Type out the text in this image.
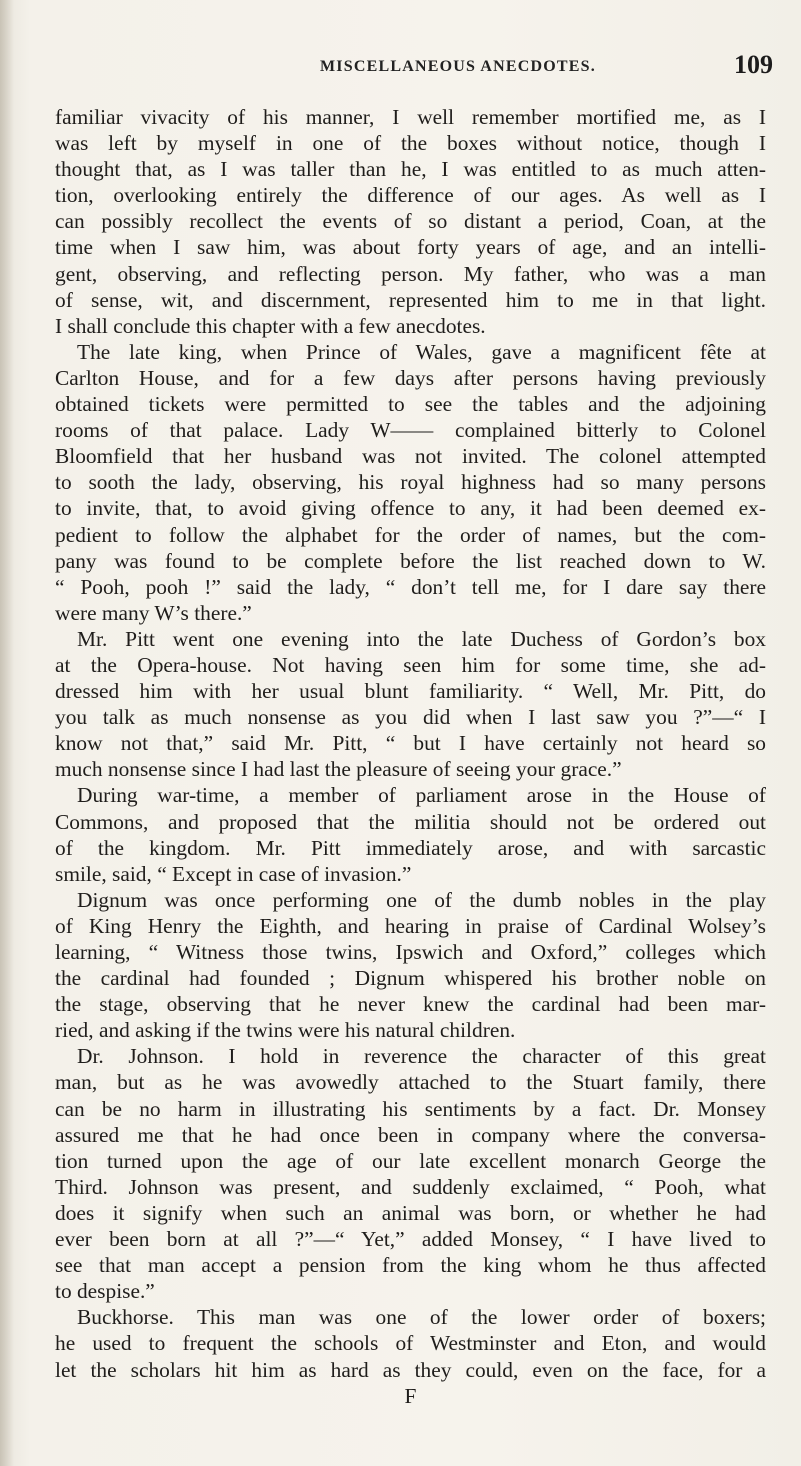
MISCELLANEOUS ANECDOTES.	109
familiar vivacity of his manner, I well remember mortified me, as I
was left by myself in one of the boxes without notice, though I
thought that, as I was taller than he, I was entitled to as much atten-
tion, overlooking entirely the difference of our ages. As well as I
can possibly recollect the events of so distant a period, Coan, at the
time when I saw him, was about forty years of age, and an intelli-
gent, observing, and reflecting person. My father, who was a man
of sense, wit, and discernment, represented him to me in that light.
I shall conclude this chapter with a few anecdotes.
The late king, when Prince of Wales, gave a magnificent fête at
Carlton House, and for a few days after persons having previously
obtained tickets were permitted to see the tables and the adjoining
rooms of that palace. Lady W—— complained bitterly to Colonel
Bloomfield that her husband was not invited. The colonel attempted
to sooth the lady, observing, his royal highness had so many persons
to invite, that, to avoid giving offence to any, it had been deemed ex-
pedient to follow the alphabet for the order of names, but the com-
pany was found to be complete before the list reached down to W.
“ Pooh, pooh !” said the lady, “ don’t tell me, for I dare say there
were many W’s there.”
Mr. Pitt went one evening into the late Duchess of Gordon’s box
at the Opera-house. Not having seen him for some time, she ad-
dressed him with her usual blunt familiarity. “ Well, Mr. Pitt, do
you talk as much nonsense as you did when I last saw you ?”—“ I
know not that,” said Mr. Pitt, “ but I have certainly not heard so
much nonsense since I had last the pleasure of seeing your grace.”
During war-time, a member of parliament arose in the House of
Commons, and proposed that the militia should not be ordered out
of the kingdom. Mr. Pitt immediately arose, and with sarcastic
smile, said, “ Except in case of invasion.”
Dignum was once performing one of the dumb nobles in the play
of King Henry the Eighth, and hearing in praise of Cardinal Wolsey’s
learning, “ Witness those twins, Ipswich and Oxford,” colleges which
the cardinal had founded ; Dignum whispered his brother noble on
the stage, observing that he never knew the cardinal had been mar-
ried, and asking if the twins were his natural children.
Dr. Johnson. I hold in reverence the character of this great
man, but as he was avowedly attached to the Stuart family, there
can be no harm in illustrating his sentiments by a fact. Dr. Monsey
assured me that he had once been in company where the conversa-
tion turned upon the age of our late excellent monarch George the
Third. Johnson was present, and suddenly exclaimed, “ Pooh, what
does it signify when such an animal was born, or whether he had
ever been born at all ?”—“ Yet,” added Monsey, “ I have lived to
see that man accept a pension from the king whom he thus affected
to despise.”
Buckhorse. This man was one of the lower order of boxers;
he used to frequent the schools of Westminster and Eton, and would
let the scholars hit him as hard as they could, even on the face, for a
F
